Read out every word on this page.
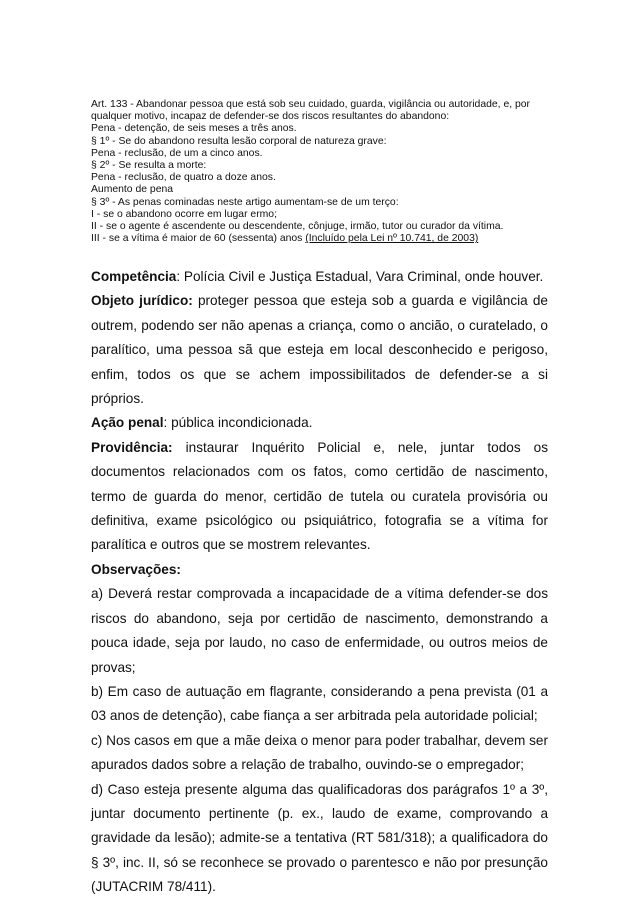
Art. 133 - Abandonar pessoa que está sob seu cuidado, guarda, vigilância ou autoridade, e, por qualquer motivo, incapaz de defender-se dos riscos resultantes do abandono:
Pena - detenção, de seis meses a três anos.
§ 1º - Se do abandono resulta lesão corporal de natureza grave:
Pena - reclusão, de um a cinco anos.
§ 2º - Se resulta a morte:
Pena - reclusão, de quatro a doze anos.
Aumento de pena
§ 3º - As penas cominadas neste artigo aumentam-se de um terço:
I - se o abandono ocorre em lugar ermo;
II - se o agente é ascendente ou descendente, cônjuge, irmão, tutor ou curador da vítima.
III - se a vítima é maior de 60 (sessenta) anos (Incluído pela Lei nº 10.741, de 2003)

Competência: Polícia Civil e Justiça Estadual, Vara Criminal, onde houver.

Objeto jurídico: proteger pessoa que esteja sob a guarda e vigilância de outrem, podendo ser não apenas a criança, como o ancião, o curatelado, o paralítico, uma pessoa sã que esteja em local desconhecido e perigoso, enfim, todos os que se achem impossibilitados de defender-se a si próprios.

Ação penal: pública incondicionada.

Providência: instaurar Inquérito Policial e, nele, juntar todos os documentos relacionados com os fatos, como certidão de nascimento, termo de guarda do menor, certidão de tutela ou curatela provisória ou definitiva, exame psicológico ou psiquiátrico, fotografia se a vítima for paralítica e outros que se mostrem relevantes.

Observações:

a) Deverá restar comprovada a incapacidade de a vítima defender-se dos riscos do abandono, seja por certidão de nascimento, demonstrando a pouca idade, seja por laudo, no caso de enfermidade, ou outros meios de provas;

b) Em caso de autuação em flagrante, considerando a pena prevista (01 a 03 anos de detenção), cabe fiança a ser arbitrada pela autoridade policial;

c) Nos casos em que a mãe deixa o menor para poder trabalhar, devem ser apurados dados sobre a relação de trabalho, ouvindo-se o empregador;

d) Caso esteja presente alguma das qualificadoras dos parágrafos 1º a 3º, juntar documento pertinente (p. ex., laudo de exame, comprovando a gravidade da lesão); admite-se a tentativa (RT 581/318); a qualificadora do § 3º, inc. II, só se reconhece se provado o parentesco e não por presunção (JUTACRIM 78/411).
